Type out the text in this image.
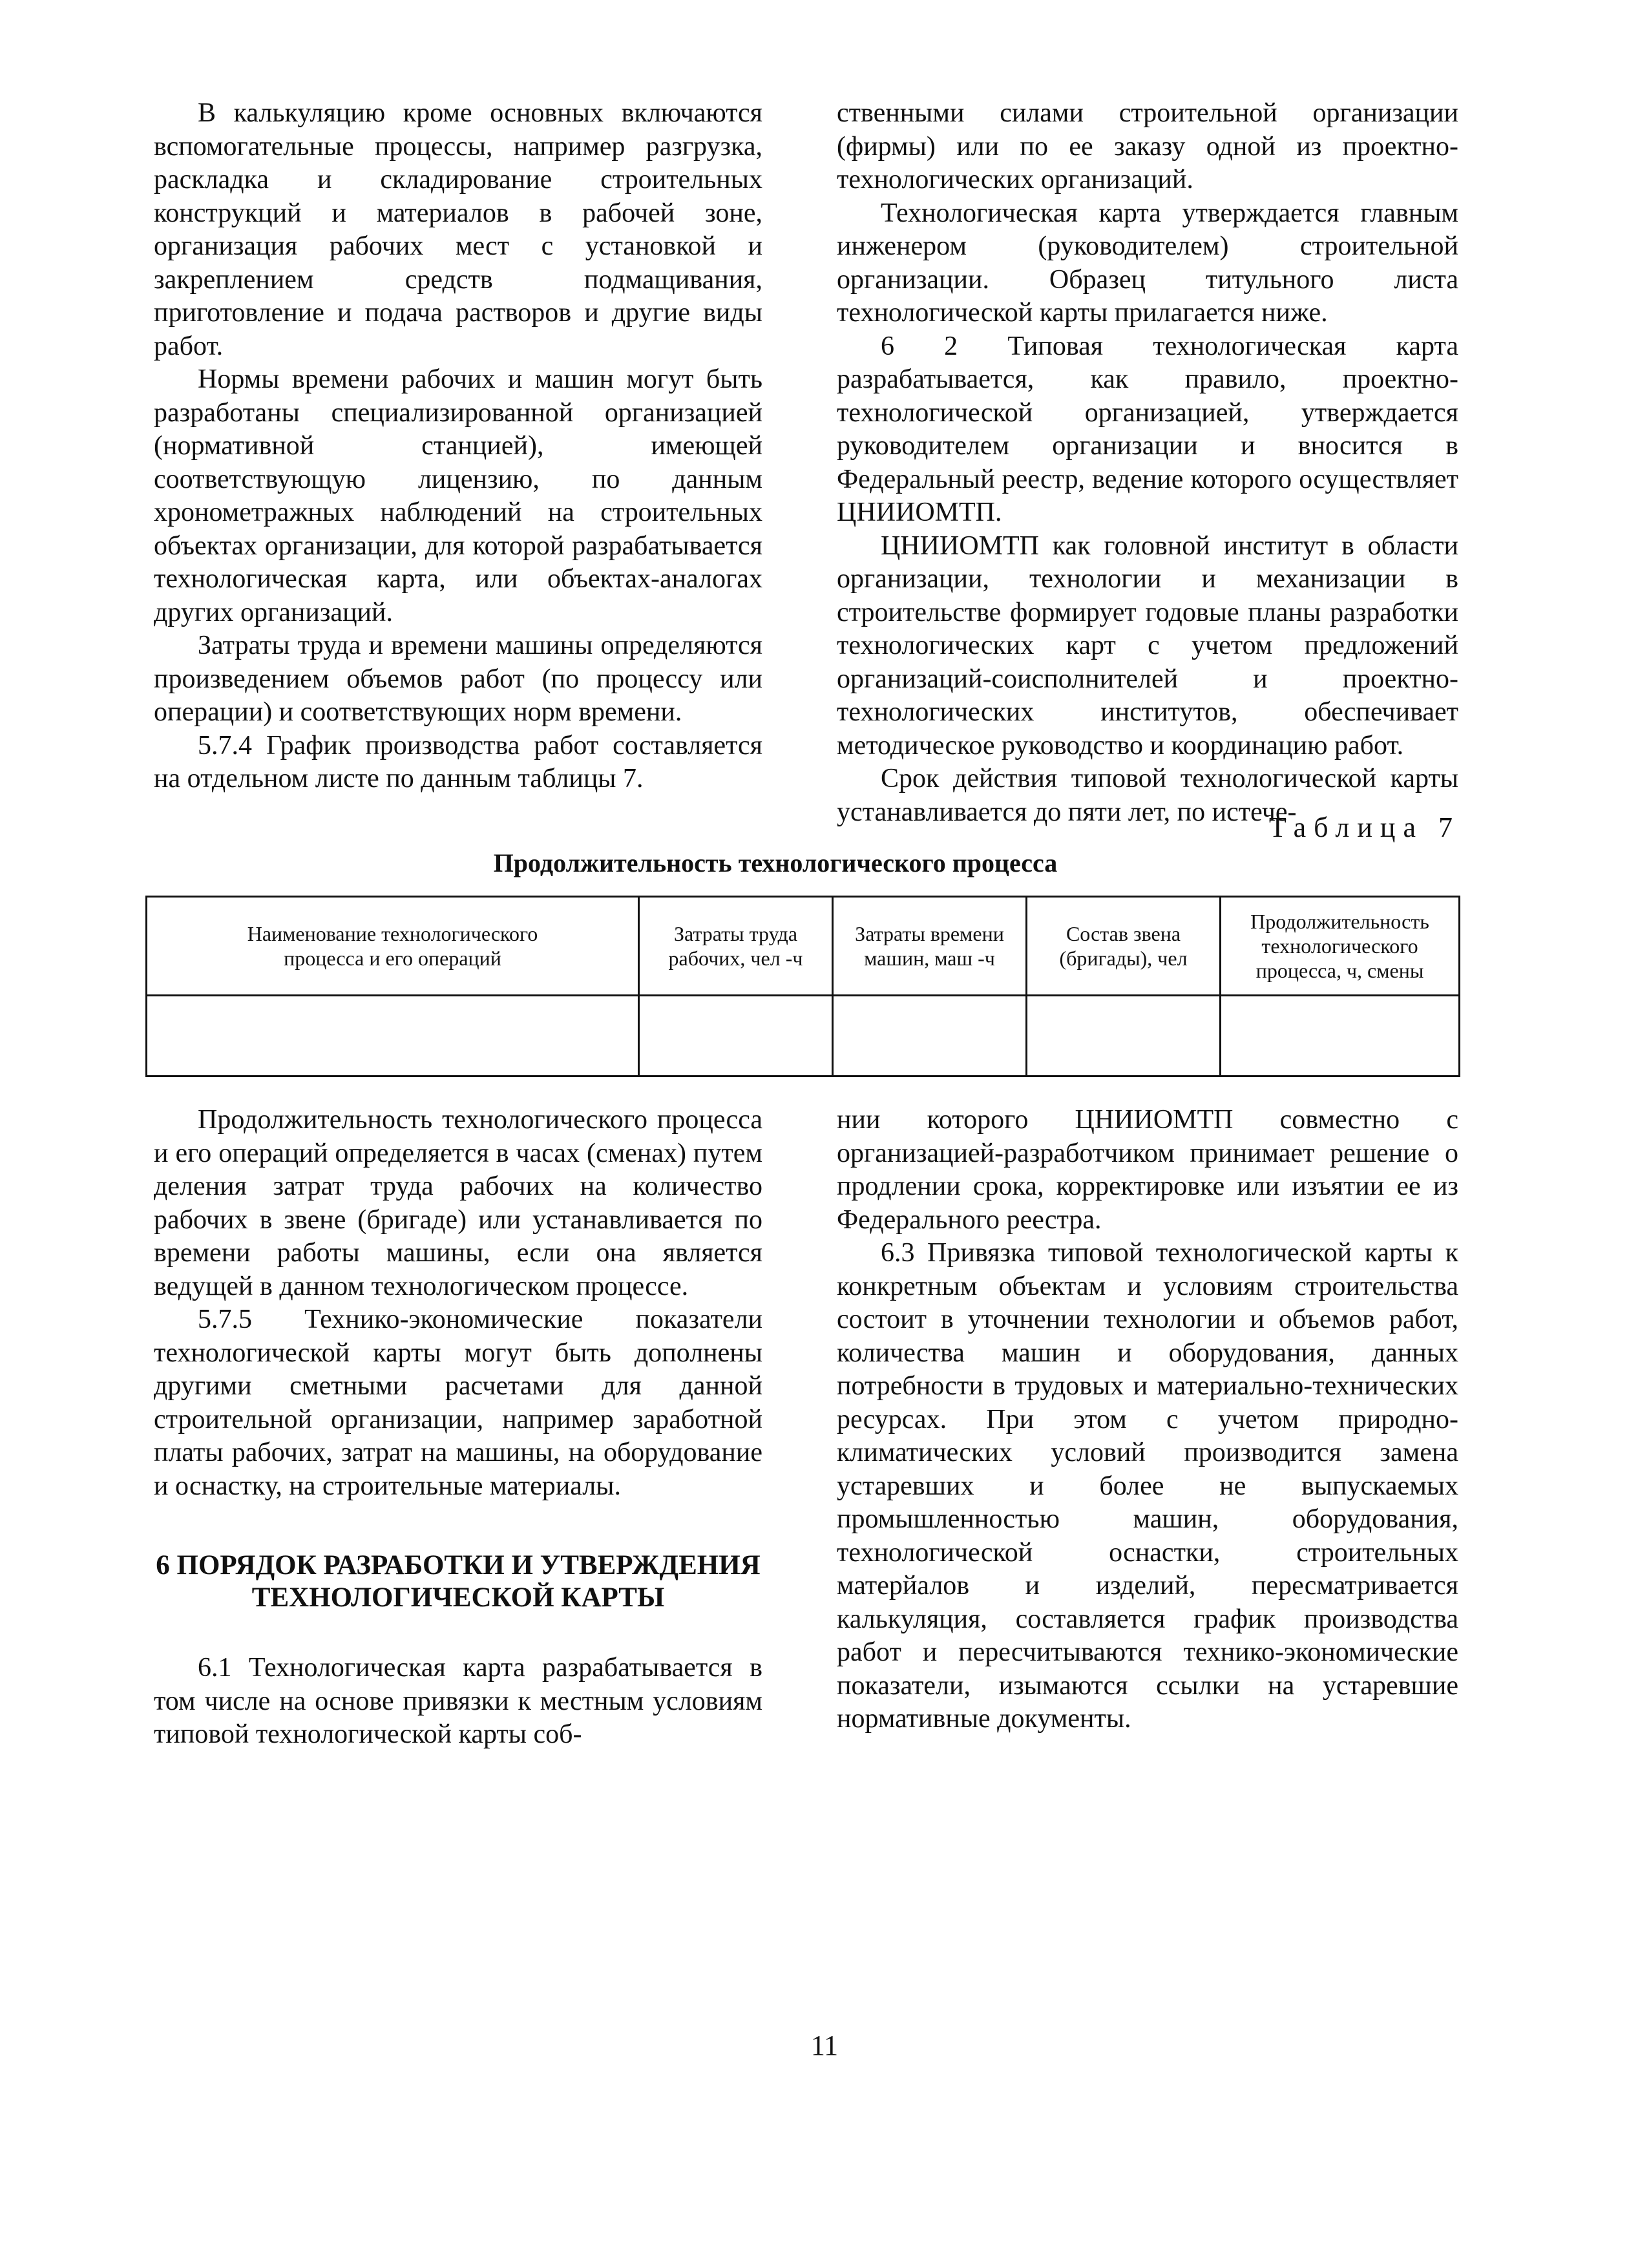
В калькуляцию кроме основных включаются вспомогательные процессы, например разгрузка, раскладка и складирование строительных конструкций и материалов в рабочей зоне, организация рабочих мест с установкой и закреплением средств подмащивания, приготовление и подача растворов и другие виды работ.

Нормы времени рабочих и машин могут быть разработаны специализированной организацией (нормативной станцией), имеющей соответствующую лицензию, по данным хронометражных наблюдений на строительных объектах организации, для которой разрабатывается технологическая карта, или объектах-аналогах других организаций.

Затраты труда и времени машины определяются произведением объемов работ (по процессу или операции) и соответствующих норм времени.

5.7.4 График производства работ составляется на отдельном листе по данным таблицы 7.

ственными силами строительной организации (фирмы) или по ее заказу одной из проектно-технологических организаций.

Технологическая карта утверждается главным инженером (руководителем) строительной организации. Образец титульного листа технологической карты прилагается ниже.

6 2 Типовая технологическая карта разрабатывается, как правило, проектно-технологической организацией, утверждается руководителем организации и вносится в Федеральный реестр, ведение которого осуществляет ЦНИИОМТП.

ЦНИИОМТП как головной институт в области организации, технологии и механизации в строительстве формирует годовые планы разработки технологических карт с учетом предложений организаций-соисполнителей и проектно-технологических институтов, обеспечивает методическое руководство и координацию работ.

Срок действия типовой технологической карты устанавливается до пяти лет, по истече-

Таблица 7
Продолжительность технологического процесса
Наименование технологического процесса и его операций	Затраты труда рабочих, чел -ч	Затраты времени машин, маш -ч	Состав звена (бригады), чел	Продолжительность технологического процесса, ч, смены

Продолжительность технологического процесса и его операций определяется в часах (сменах) путем деления затрат труда рабочих на количество рабочих в звене (бригаде) или устанавливается по времени работы машины, если она является ведущей в данном технологическом процессе.

5.7.5 Технико-экономические показатели технологической карты могут быть дополнены другими сметными расчетами для данной строительной организации, например заработной платы рабочих, затрат на машины, на оборудование и оснастку, на строительные материалы.

6 ПОРЯДОК РАЗРАБОТКИ И УТВЕРЖДЕНИЯ
ТЕХНОЛОГИЧЕСКОЙ КАРТЫ

6.1 Технологическая карта разрабатывается в том числе на основе привязки к местным условиям типовой технологической карты соб-

нии которого ЦНИИОМТП совместно с организацией-разработчиком принимает решение о продлении срока, корректировке или изъятии ее из Федерального реестра.

6.3 Привязка типовой технологической карты к конкретным объектам и условиям строительства состоит в уточнении технологии и объемов работ, количества машин и оборудования, данных потребности в трудовых и материально-технических ресурсах. При этом с учетом природно-климатических условий производится замена устаревших и более не выпускаемых промышленностью машин, оборудования, технологической оснастки, строительных матерйалов и изделий, пересматривается калькуляция, составляется график производства работ и пересчитываются технико-экономические показатели, изымаются ссылки на устаревшие нормативные документы.

11
